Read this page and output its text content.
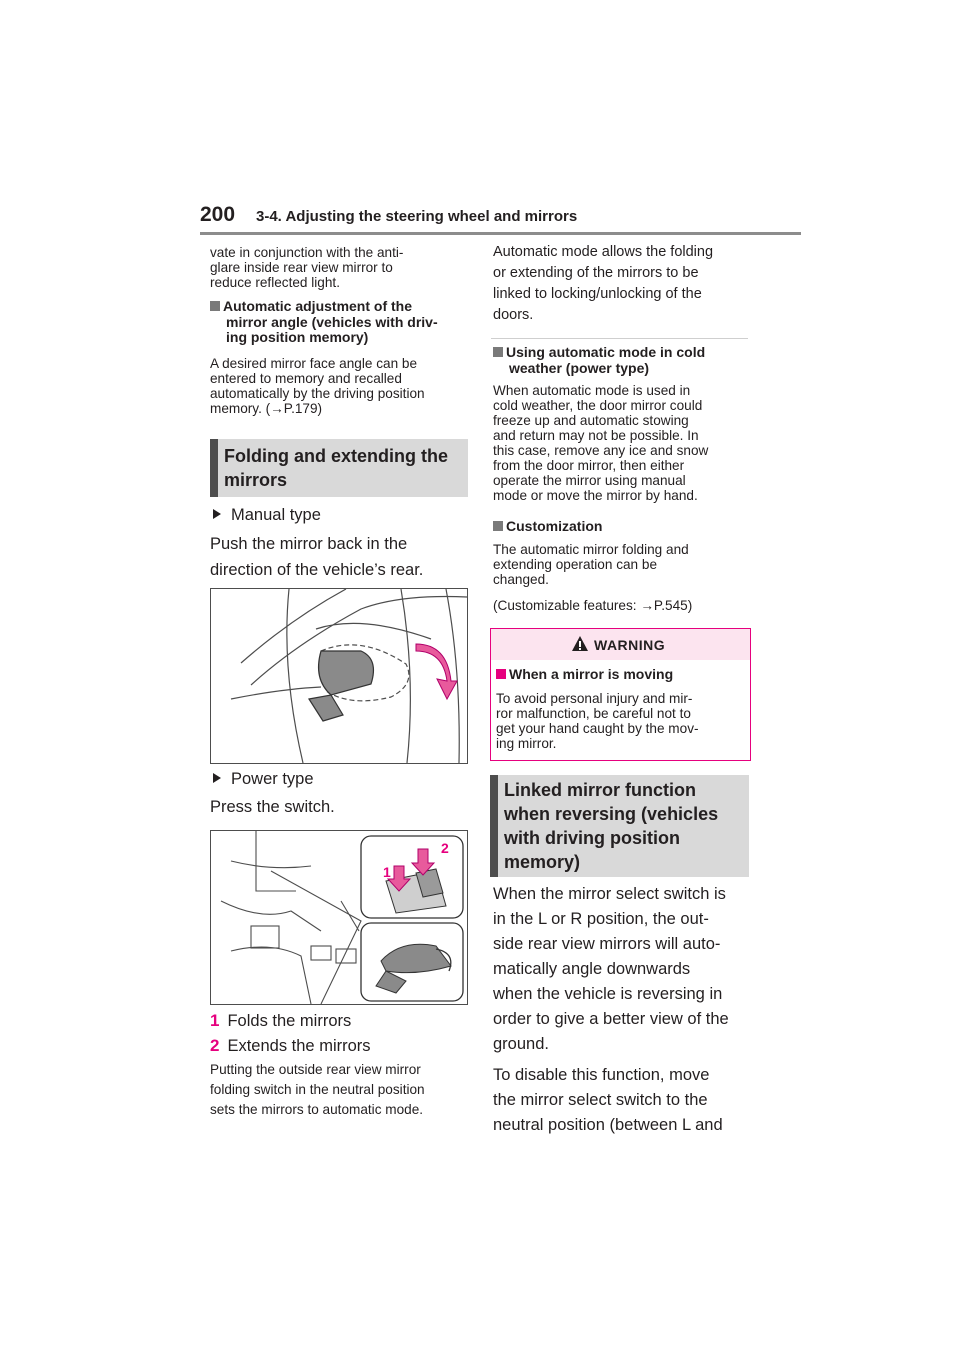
200 3-4. Adjusting the steering wheel and mirrors
vate in conjunction with the anti-
glare inside rear view mirror to
reduce reflected light.
Automatic adjustment of the
mirror angle (vehicles with driv-
ing position memory)
A desired mirror face angle can be
entered to memory and recalled
automatically by the driving position
memory. (→P.179)
Folding and extending the
mirrors
Manual type
Push the mirror back in the
direction of the vehicle’s rear.
Power type
Press the switch.
1
2
1 Folds the mirrors
2 Extends the mirrors
Putting the outside rear view mirror
folding switch in the neutral position
sets the mirrors to automatic mode.
Automatic mode allows the folding
or extending of the mirrors to be
linked to locking/unlocking of the
doors.
Using automatic mode in cold
weather (power type)
When automatic mode is used in
cold weather, the door mirror could
freeze up and automatic stowing
and return may not be possible. In
this case, remove any ice and snow
from the door mirror, then either
operate the mirror using manual
mode or move the mirror by hand.
Customization
The automatic mirror folding and
extending operation can be
changed.
(Customizable features: →P.545)
WARNING
When a mirror is moving
To avoid personal injury and mir-
ror malfunction, be careful not to
get your hand caught by the mov-
ing mirror.
Linked mirror function
when reversing (vehicles
with driving position
memory)
When the mirror select switch is
in the L or R position, the out-
side rear view mirrors will auto-
matically angle downwards
when the vehicle is reversing in
order to give a better view of the
ground.
To disable this function, move
the mirror select switch to the
neutral position (between L and
